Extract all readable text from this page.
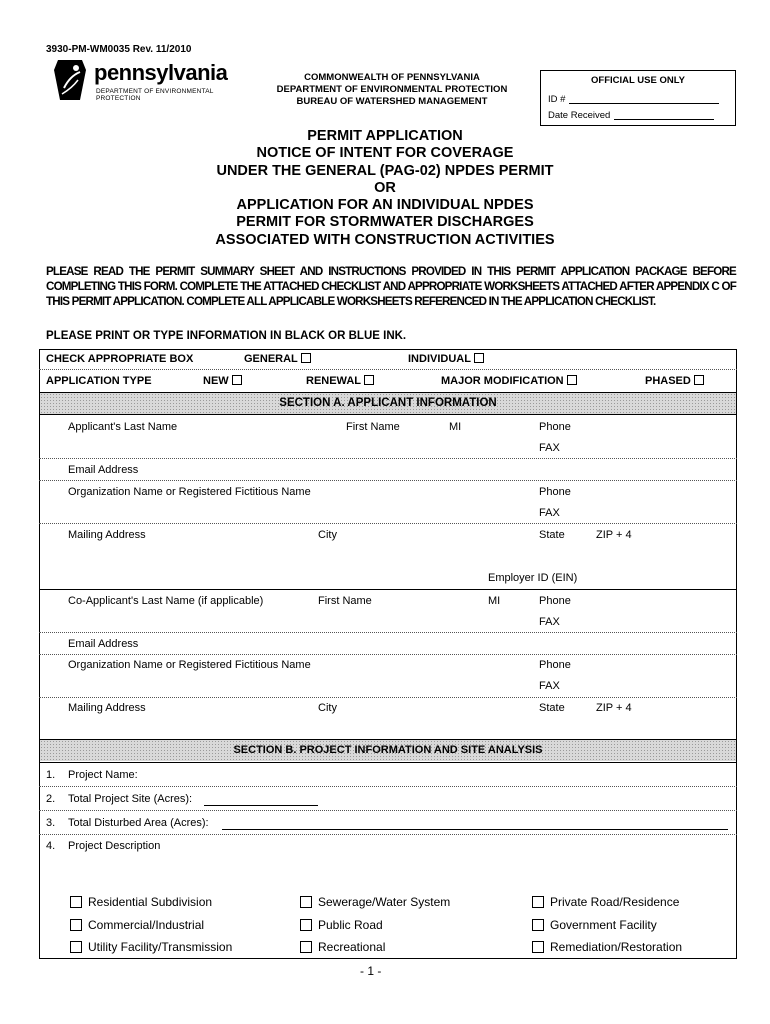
3930-PM-WM0035 Rev. 11/2010
pennsylvania
DEPARTMENT OF ENVIRONMENTAL PROTECTION
COMMONWEALTH OF PENNSYLVANIA
DEPARTMENT OF ENVIRONMENTAL PROTECTION
BUREAU OF WATERSHED MANAGEMENT
OFFICIAL USE ONLY
ID #
Date Received
PERMIT APPLICATION
NOTICE OF INTENT FOR COVERAGE
UNDER THE GENERAL (PAG-02) NPDES PERMIT
OR
APPLICATION FOR AN INDIVIDUAL NPDES
PERMIT FOR STORMWATER DISCHARGES
ASSOCIATED WITH CONSTRUCTION ACTIVITIES
PLEASE READ THE PERMIT SUMMARY SHEET AND INSTRUCTIONS PROVIDED IN THIS PERMIT APPLICATION PACKAGE BEFORE COMPLETING THIS FORM. COMPLETE THE ATTACHED CHECKLIST AND APPROPRIATE WORKSHEETS ATTACHED AFTER APPENDIX C OF THIS PERMIT APPLICATION. COMPLETE ALL APPLICABLE WORKSHEETS REFERENCED IN THE APPLICATION CHECKLIST.
PLEASE PRINT OR TYPE INFORMATION IN BLACK OR BLUE INK.
CHECK APPROPRIATE BOX	GENERAL	INDIVIDUAL
APPLICATION TYPE	NEW	RENEWAL	MAJOR MODIFICATION	PHASED
SECTION A. APPLICANT INFORMATION
Applicant's Last Name	First Name	MI	Phone
FAX
Email Address
Organization Name or Registered Fictitious Name	Phone
FAX
Mailing Address	City	State	ZIP + 4
Employer ID (EIN)
Co-Applicant's Last Name (if applicable)	First Name	MI	Phone
FAX
Email Address
Organization Name or Registered Fictitious Name	Phone
FAX
Mailing Address	City	State	ZIP + 4
SECTION B. PROJECT INFORMATION AND SITE ANALYSIS
1. Project Name:
2. Total Project Site (Acres):
3. Total Disturbed Area (Acres):
4. Project Description
Residential Subdivision	Sewerage/Water System	Private Road/Residence
Commercial/Industrial	Public Road	Government Facility
Utility Facility/Transmission	Recreational	Remediation/Restoration
- 1 -
